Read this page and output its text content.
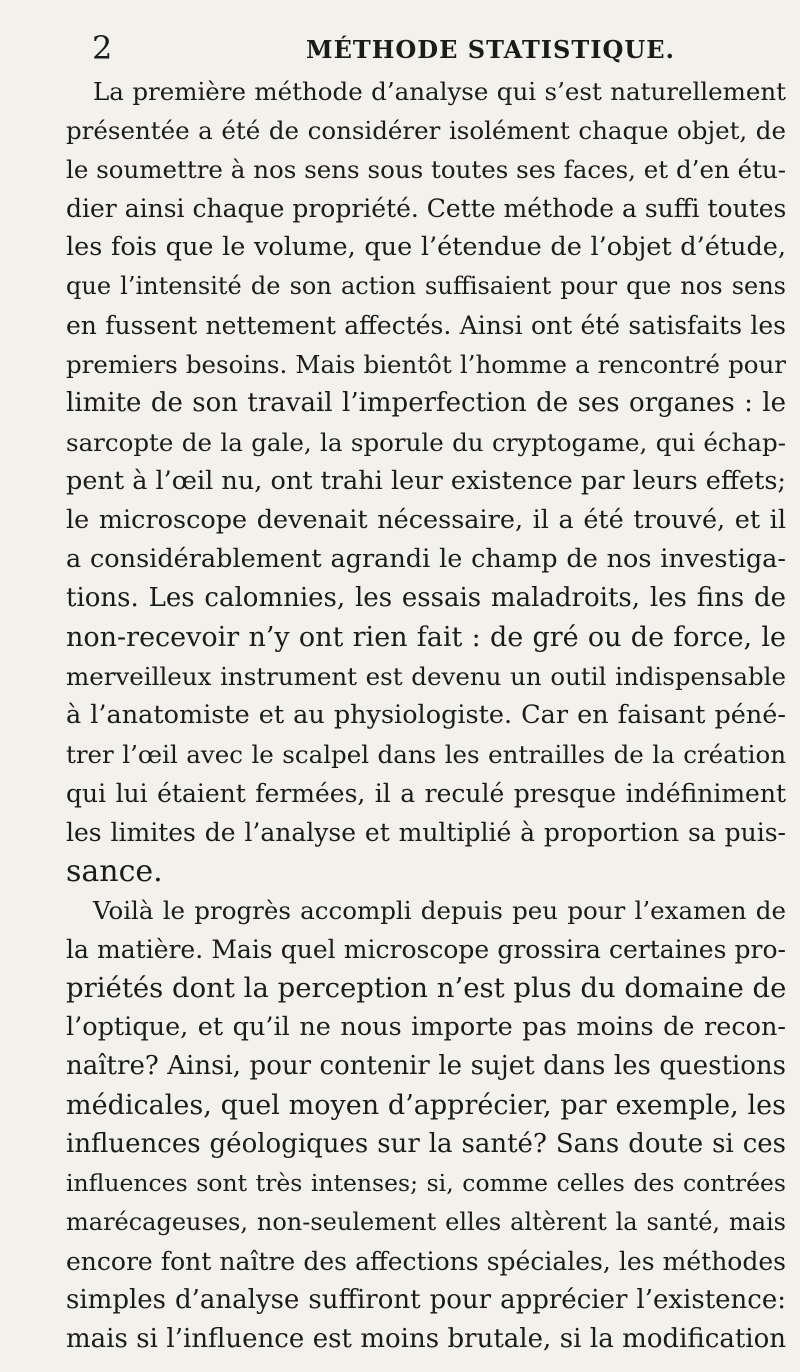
2	MÉTHODE STATISTIQUE.
La première méthode d’analyse qui s’est naturellement
présentée a été de considérer isolément chaque objet, de
le soumettre à nos sens sous toutes ses faces, et d’en étu-
dier ainsi chaque propriété. Cette méthode a suffi toutes
les fois que le volume, que l’étendue de l’objet d’étude,
que l’intensité de son action suffisaient pour que nos sens
en fussent nettement affectés. Ainsi ont été satisfaits les
premiers besoins. Mais bientôt l’homme a rencontré pour
limite de son travail l’imperfection de ses organes : le
sarcopte de la gale, la sporule du cryptogame, qui échap-
pent à l’œil nu, ont trahi leur existence par leurs effets;
le microscope devenait nécessaire, il a été trouvé, et il
a considérablement agrandi le champ de nos investiga-
tions. Les calomnies, les essais maladroits, les fins de
non-recevoir n’y ont rien fait : de gré ou de force, le
merveilleux instrument est devenu un outil indispensable
à l’anatomiste et au physiologiste. Car en faisant péné-
trer l’œil avec le scalpel dans les entrailles de la création
qui lui étaient fermées, il a reculé presque indéfiniment
les limites de l’analyse et multiplié à proportion sa puis-
sance.
Voilà le progrès accompli depuis peu pour l’examen de
la matière. Mais quel microscope grossira certaines pro-
priétés dont la perception n’est plus du domaine de
l’optique, et qu’il ne nous importe pas moins de recon-
naître? Ainsi, pour contenir le sujet dans les questions
médicales, quel moyen d’apprécier, par exemple, les
influences géologiques sur la santé? Sans doute si ces
influences sont très intenses; si, comme celles des contrées
marécageuses, non-seulement elles altèrent la santé, mais
encore font naître des affections spéciales, les méthodes
simples d’analyse suffiront pour apprécier l’existence:
mais si l’influence est moins brutale, si la modification
